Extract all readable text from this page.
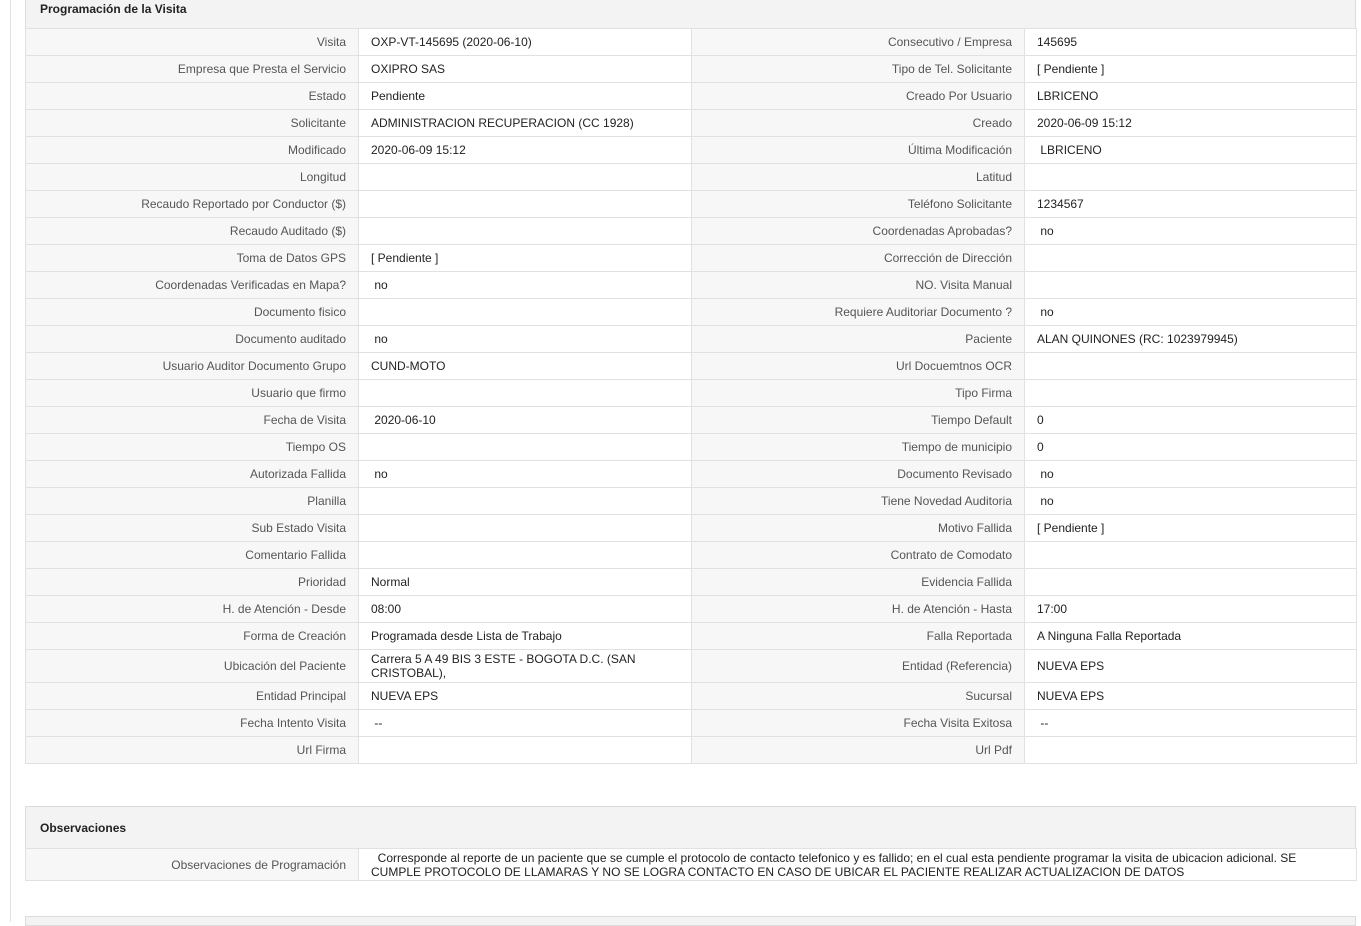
Programación de la Visita
Visita	OXP-VT-145695 (2020-06-10)	Consecutivo / Empresa	145695
Empresa que Presta el Servicio	OXIPRO SAS	Tipo de Tel. Solicitante	[ Pendiente ]
Estado	Pendiente	Creado Por Usuario	LBRICENO
Solicitante	ADMINISTRACION RECUPERACION (CC 1928)	Creado	2020-06-09 15:12
Modificado	2020-06-09 15:12	Última Modificación	LBRICENO
Longitud		Latitud	
Recaudo Reportado por Conductor ($)		Teléfono Solicitante	1234567
Recaudo Auditado ($)		Coordenadas Aprobadas?	no
Toma de Datos GPS	[ Pendiente ]	Corrección de Dirección	
Coordenadas Verificadas en Mapa?	no	NO. Visita Manual	
Documento fisico		Requiere Auditoriar Documento ?	no
Documento auditado	no	Paciente	ALAN QUINONES (RC: 1023979945)
Usuario Auditor Documento Grupo	CUND-MOTO	Url Docuemtnos OCR	
Usuario que firmo		Tipo Firma	
Fecha de Visita	2020-06-10	Tiempo Default	0
Tiempo OS		Tiempo de municipio	0
Autorizada Fallida	no	Documento Revisado	no
Planilla		Tiene Novedad Auditoria	no
Sub Estado Visita		Motivo Fallida	[ Pendiente ]
Comentario Fallida		Contrato de Comodato	
Prioridad	Normal	Evidencia Fallida	
H. de Atención - Desde	08:00	H. de Atención - Hasta	17:00
Forma de Creación	Programada desde Lista de Trabajo	Falla Reportada	A Ninguna Falla Reportada
Ubicación del Paciente	Carrera 5 A 49 BIS 3 ESTE - BOGOTA D.C. (SAN CRISTOBAL),	Entidad (Referencia)	NUEVA EPS
Entidad Principal	NUEVA EPS	Sucursal	NUEVA EPS
Fecha Intento Visita	--	Fecha Visita Exitosa	--
Url Firma		Url Pdf	
Observaciones
Observaciones de Programación	Corresponde al reporte de un paciente que se cumple el protocolo de contacto telefonico y es fallido; en el cual esta pendiente programar la visita de ubicacion adicional. SE CUMPLE PROTOCOLO DE LLAMARAS Y NO SE LOGRA CONTACTO EN CASO DE UBICAR EL PACIENTE REALIZAR ACTUALIZACION DE DATOS
